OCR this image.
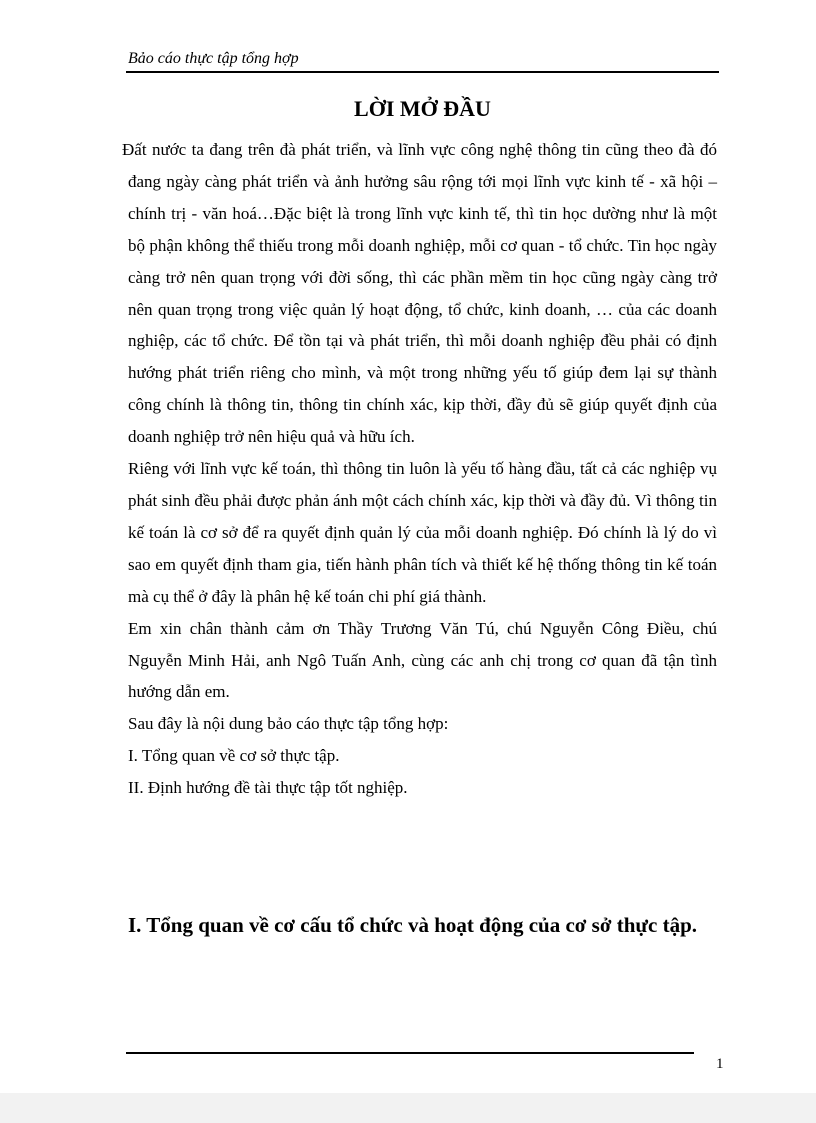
Bảo cáo thực tập tổng hợp
LỜI MỞ ĐẦU

Đất nước ta đang trên đà phát triển, và lĩnh vực công nghệ thông tin cũng theo đà đó đang ngày càng phát triển và ảnh hưởng sâu rộng tới mọi lĩnh vực kinh tế - xã hội – chính trị - văn hoá…Đặc biệt là trong lĩnh vực kinh tế, thì tin học dường như là một bộ phận không thể thiếu trong mỗi doanh nghiệp, mỗi cơ quan - tổ chức. Tin học ngày càng trở nên quan trọng với đời sống, thì các phần mềm tin học cũng ngày càng trở nên quan trọng trong việc quản lý hoạt động, tổ chức, kinh doanh, … của các doanh nghiệp, các tổ chức. Để tồn tại và phát triển, thì mỗi doanh nghiệp đều phải có định hướng phát triển riêng cho mình, và một trong những yếu tố giúp đem lại sự thành công chính là thông tin, thông tin chính xác, kịp thời, đầy đủ sẽ giúp quyết định của doanh nghiệp trở nên hiệu quả và hữu ích.

Riêng với lĩnh vực kế toán, thì thông tin luôn là yếu tố hàng đầu, tất cả các nghiệp vụ phát sinh đều phải được phản ánh một cách chính xác, kịp thời và đầy đủ. Vì thông tin kế toán là cơ sở để ra quyết định quản lý của mỗi doanh nghiệp. Đó chính là lý do vì sao em quyết định tham gia, tiến hành phân tích và thiết kế hệ thống thông tin kế toán mà cụ thể ở đây là phân hệ kế toán chi phí giá thành.

Em xin chân thành cảm ơn Thầy Trương Văn Tú, chú Nguyễn Công Điều, chú Nguyễn Minh Hải, anh Ngô Tuấn Anh, cùng các anh chị trong cơ quan đã tận tình hướng dẫn em.

Sau đây là nội dung bảo cáo thực tập tổng hợp:

I. Tổng quan về cơ sở thực tập.

II. Định hướng đề tài thực tập tốt nghiệp.

I. Tổng quan về cơ cấu tổ chức và hoạt động của cơ sở thực tập.
1
